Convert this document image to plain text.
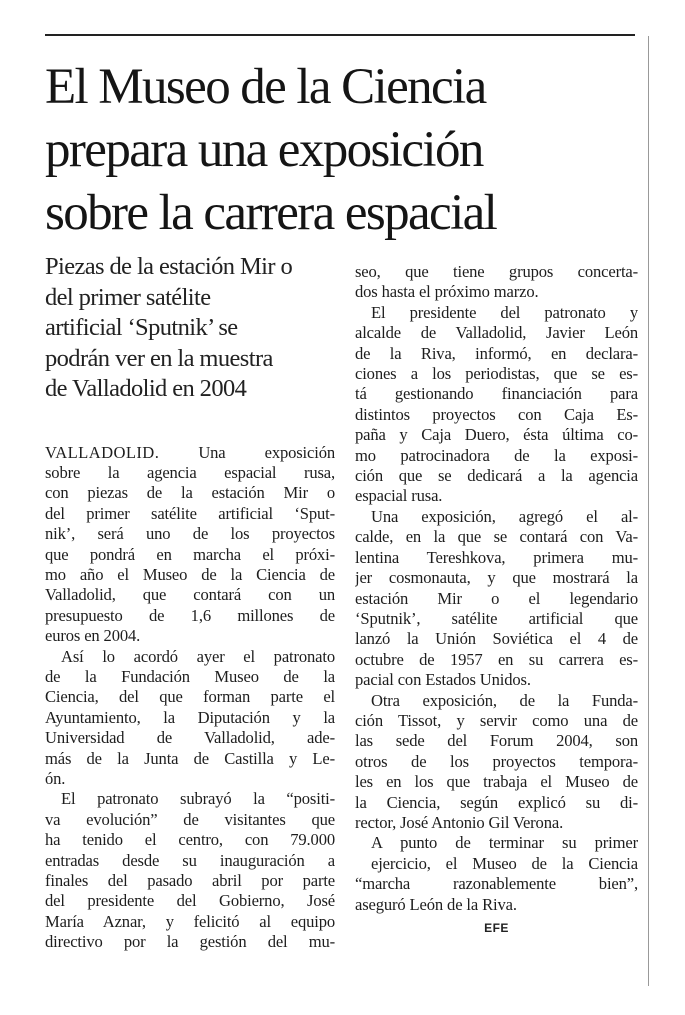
El Museo de la Ciencia
prepara una exposición
sobre la carrera espacial
Piezas de la estación Mir o
del primer satélite
artificial ‘Sputnik’ se
podrán ver en la muestra
de Valladolid en 2004
VALLADOLID. Una exposición
sobre la agencia espacial rusa,
con piezas de la estación Mir o
del primer satélite artificial ‘Sput-
nik’, será uno de los proyectos
que pondrá en marcha el próxi-
mo año el Museo de la Ciencia de
Valladolid, que contará con un
presupuesto de 1,6 millones de
euros en 2004.
Así lo acordó ayer el patronato
de la Fundación Museo de la
Ciencia, del que forman parte el
Ayuntamiento, la Diputación y la
Universidad de Valladolid, ade-
más de la Junta de Castilla y Le-
ón.
El patronato subrayó la “positi-
va evolución” de visitantes que
ha tenido el centro, con 79.000
entradas desde su inauguración a
finales del pasado abril por parte
del presidente del Gobierno, José
María Aznar, y felicitó al equipo
directivo por la gestión del mu-
seo, que tiene grupos concerta-
dos hasta el próximo marzo.
El presidente del patronato y
alcalde de Valladolid, Javier León
de la Riva, informó, en declara-
ciones a los periodistas, que se es-
tá gestionando financiación para
distintos proyectos con Caja Es-
paña y Caja Duero, ésta última co-
mo patrocinadora de la exposi-
ción que se dedicará a la agencia
espacial rusa.
Una exposición, agregó el al-
calde, en la que se contará con Va-
lentina Tereshkova, primera mu-
jer cosmonauta, y que mostrará la
estación Mir o el legendario
‘Sputnik’, satélite artificial que
lanzó la Unión Soviética el 4 de
octubre de 1957 en su carrera es-
pacial con Estados Unidos.
Otra exposición, de la Funda-
ción Tissot, y servir como una de
las sede del Forum 2004, son
otros de los proyectos tempora-
les en los que trabaja el Museo de
la Ciencia, según explicó su di-
rector, José Antonio Gil Verona.
A punto de terminar su primer
ejercicio, el Museo de la Ciencia
“marcha razonablemente bien”,
aseguró León de la Riva.
EFE
